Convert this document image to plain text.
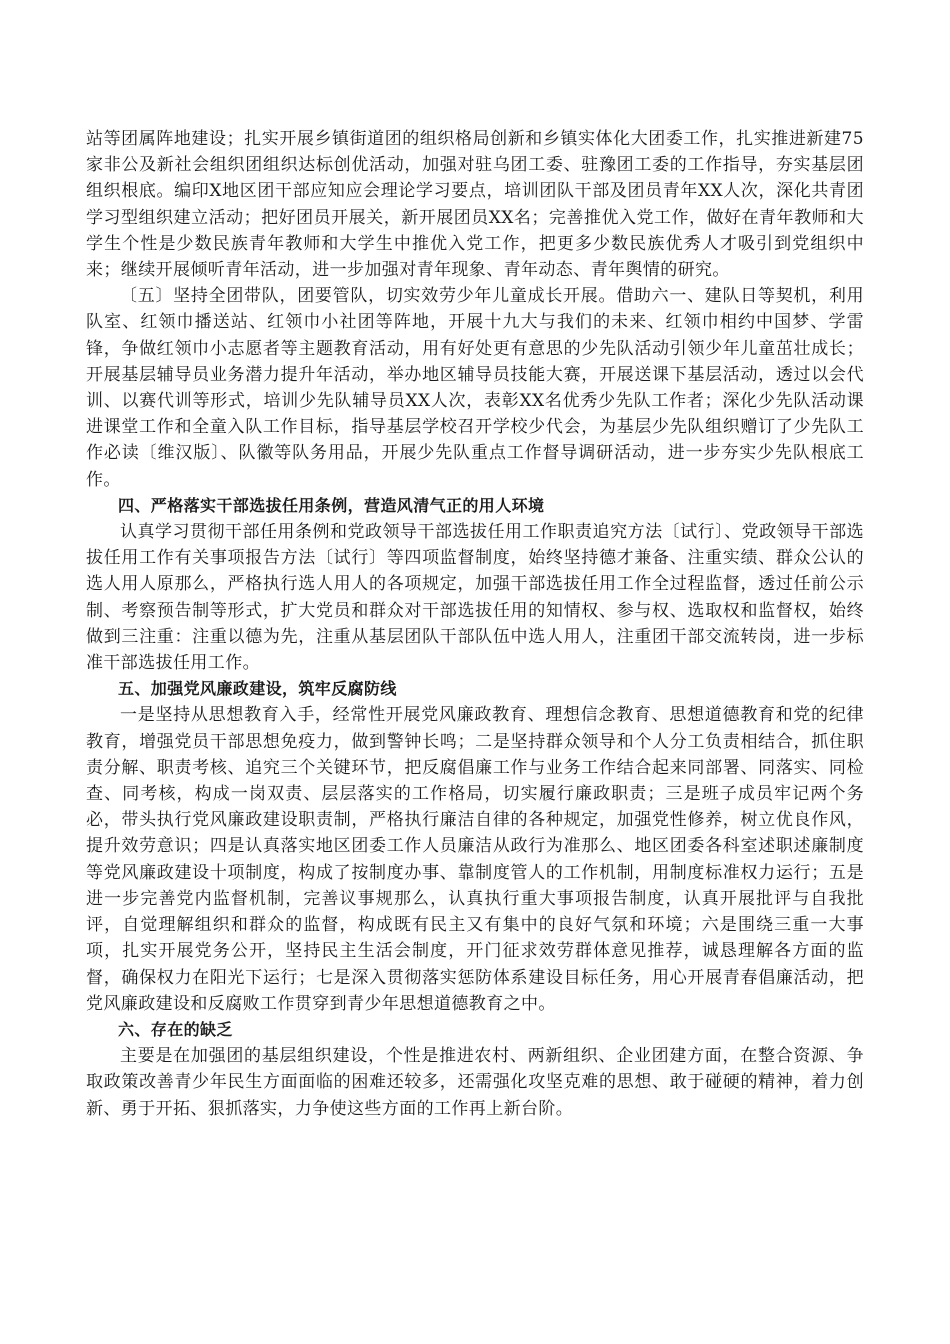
站等团属阵地建设；扎实开展乡镇街道团的组织格局创新和乡镇实体化大团委工作，扎实推进新建75家非公及新社会组织团组织达标创优活动，加强对驻乌团工委、驻豫团工委的工作指导，夯实基层团组织根底。编印X地区团干部应知应会理论学习要点，培训团队干部及团员青年XX人次，深化共青团学习型组织建立活动；把好团员开展关，新开展团员XX名；完善推优入党工作，做好在青年教师和大学生个性是少数民族青年教师和大学生中推优入党工作，把更多少数民族优秀人才吸引到党组织中来；继续开展倾听青年活动，进一步加强对青年现象、青年动态、青年舆情的研究。

〔五〕坚持全团带队，团要管队，切实效劳少年儿童成长开展。借助六一、建队日等契机，利用队室、红领巾播送站、红领巾小社团等阵地，开展十九大与我们的未来、红领巾相约中国梦、学雷锋，争做红领巾小志愿者等主题教育活动，用有好处更有意思的少先队活动引领少年儿童茁壮成长；开展基层辅导员业务潜力提升年活动，举办地区辅导员技能大赛，开展送课下基层活动，透过以会代训、以赛代训等形式，培训少先队辅导员XX人次，表彰XX名优秀少先队工作者；深化少先队活动课进课堂工作和全童入队工作目标，指导基层学校召开学校少代会，为基层少先队组织赠订了少先队工作必读〔维汉版〕、队徽等队务用品，开展少先队重点工作督导调研活动，进一步夯实少先队根底工作。

四、严格落实干部选拔任用条例，营造风清气正的用人环境

认真学习贯彻干部任用条例和党政领导干部选拔任用工作职责追究方法〔试行〕、党政领导干部选拔任用工作有关事项报告方法〔试行〕等四项监督制度，始终坚持德才兼备、注重实绩、群众公认的选人用人原那么，严格执行选人用人的各项规定，加强干部选拔任用工作全过程监督，透过任前公示制、考察预告制等形式，扩大党员和群众对干部选拔任用的知情权、参与权、选取权和监督权，始终做到三注重：注重以德为先，注重从基层团队干部队伍中选人用人，注重团干部交流转岗，进一步标准干部选拔任用工作。

五、加强党风廉政建设，筑牢反腐防线

一是坚持从思想教育入手，经常性开展党风廉政教育、理想信念教育、思想道德教育和党的纪律教育，增强党员干部思想免疫力，做到警钟长鸣；二是坚持群众领导和个人分工负责相结合，抓住职责分解、职责考核、追究三个关键环节，把反腐倡廉工作与业务工作结合起来同部署、同落实、同检查、同考核，构成一岗双责、层层落实的工作格局，切实履行廉政职责；三是班子成员牢记两个务必，带头执行党风廉政建设职责制，严格执行廉洁自律的各种规定，加强党性修养，树立优良作风，提升效劳意识；四是认真落实地区团委工作人员廉洁从政行为准那么、地区团委各科室述职述廉制度等党风廉政建设十项制度，构成了按制度办事、靠制度管人的工作机制，用制度标准权力运行；五是进一步完善党内监督机制，完善议事规那么，认真执行重大事项报告制度，认真开展批评与自我批评，自觉理解组织和群众的监督，构成既有民主又有集中的良好气氛和环境；六是围绕三重一大事项，扎实开展党务公开，坚持民主生活会制度，开门征求效劳群体意见推荐，诚恳理解各方面的监督，确保权力在阳光下运行；七是深入贯彻落实惩防体系建设目标任务，用心开展青春倡廉活动，把党风廉政建设和反腐败工作贯穿到青少年思想道德教育之中。

六、存在的缺乏

主要是在加强团的基层组织建设，个性是推进农村、两新组织、企业团建方面，在整合资源、争取政策改善青少年民生方面面临的困难还较多，还需强化攻坚克难的思想、敢于碰硬的精神，着力创新、勇于开拓、狠抓落实，力争使这些方面的工作再上新台阶。
